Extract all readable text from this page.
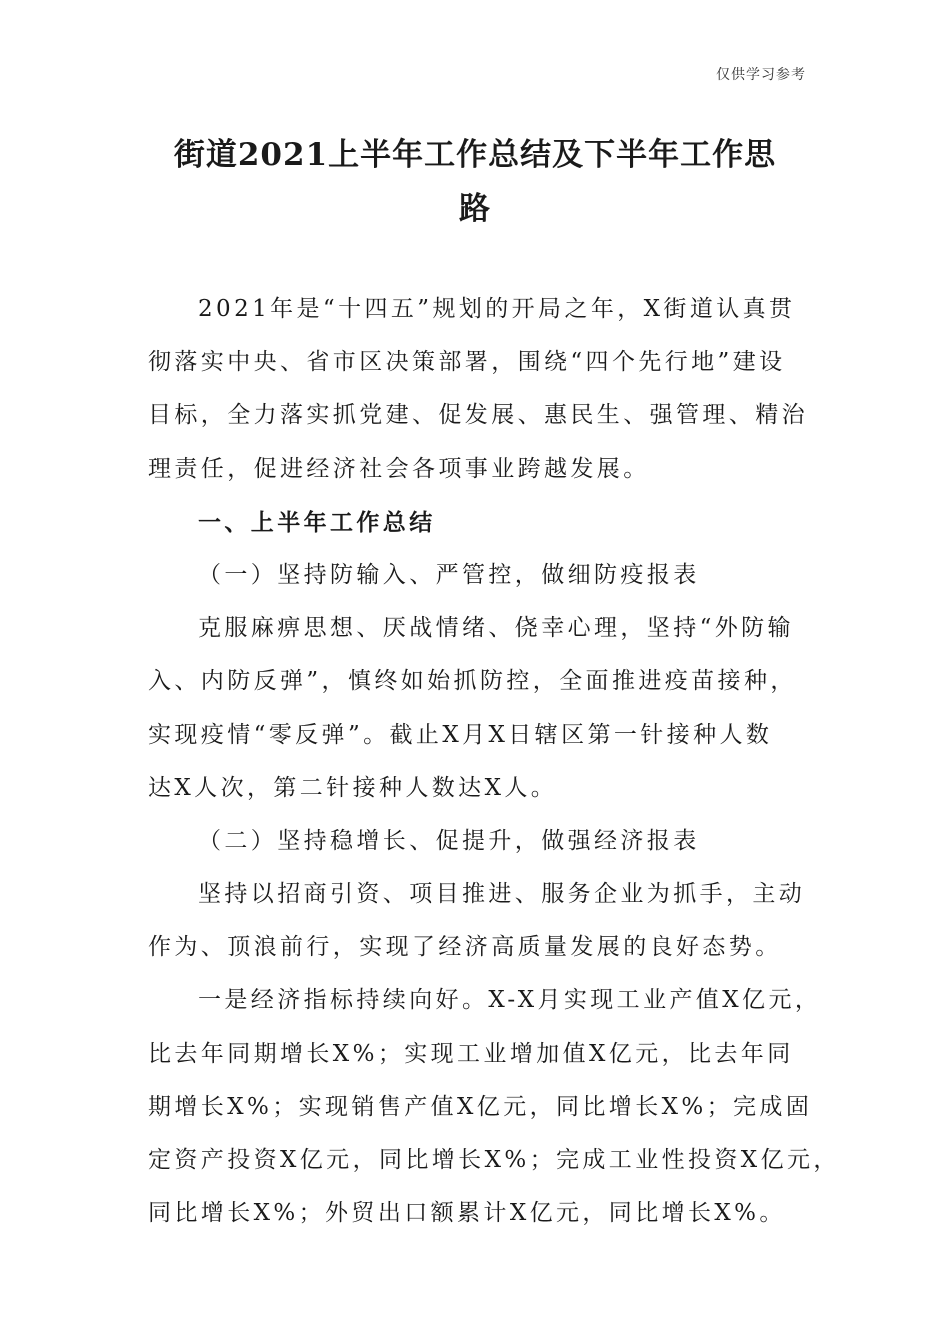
仅供学习参考
街道2021上半年工作总结及下半年工作思
路
2021年是“十四五”规划的开局之年，X街道认真贯
彻落实中央、省市区决策部署，围绕“四个先行地”建设
目标，全力落实抓党建、促发展、惠民生、强管理、精治
理责任，促进经济社会各项事业跨越发展。
一、上半年工作总结
（一）坚持防输入、严管控，做细防疫报表
克服麻痹思想、厌战情绪、侥幸心理，坚持“外防输
入、内防反弹”，慎终如始抓防控，全面推进疫苗接种，
实现疫情“零反弹”。截止X月X日辖区第一针接种人数
达X人次，第二针接种人数达X人。
（二）坚持稳增长、促提升，做强经济报表
坚持以招商引资、项目推进、服务企业为抓手，主动
作为、顶浪前行，实现了经济高质量发展的良好态势。
一是经济指标持续向好。X-X月实现工业产值X亿元，
比去年同期增长X%；实现工业增加值X亿元，比去年同
期增长X%；实现销售产值X亿元，同比增长X%；完成固
定资产投资X亿元，同比增长X%；完成工业性投资X亿元，
同比增长X%；外贸出口额累计X亿元，同比增长X%。
